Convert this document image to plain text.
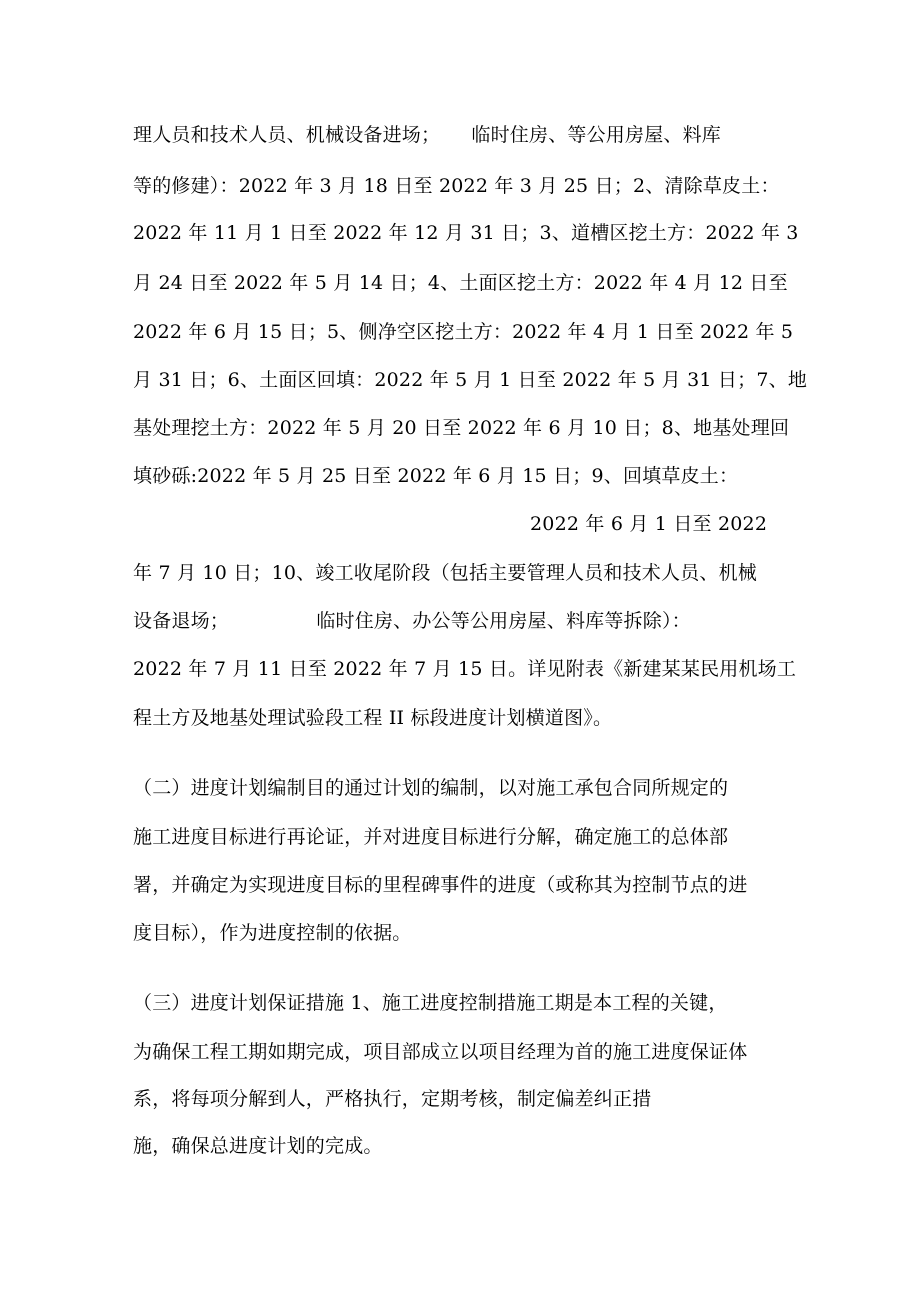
理人员和技术人员、机械设备进场；     临时住房、等公用房屋、料库
等的修建）：2022 年 3 月 18 日至 2022 年 3 月 25 日；2、清除草皮土：
2022 年 11 月 1 日至 2022 年 12 月 31 日；3、道槽区挖土方：2022 年 3
月 24 日至 2022 年 5 月 14 日；4、土面区挖土方：2022 年 4 月 12 日至
2022 年 6 月 15 日；5、侧净空区挖土方：2022 年 4 月 1 日至 2022 年 5
月 31 日；6、土面区回填：2022 年 5 月 1 日至 2022 年 5 月 31 日；7、地
基处理挖土方：2022 年 5 月 20 日至 2022 年 6 月 10 日；8、地基处理回
填砂砾:2022 年 5 月 25 日至 2022 年 6 月 15 日；9、回填草皮土：
2022 年 6 月 1 日至 2022
年 7 月 10 日；10、竣工收尾阶段（包括主要管理人员和技术人员、机械
设备退场；              临时住房、办公等公用房屋、料库等拆除）：
2022 年 7 月 11 日至 2022 年 7 月 15 日。详见附表《新建某某民用机场工
程土方及地基处理试验段工程 II 标段进度计划横道图》。
（二）进度计划编制目的通过计划的编制，以对施工承包合同所规定的
施工进度目标进行再论证，并对进度目标进行分解，确定施工的总体部
署，并确定为实现进度目标的里程碑事件的进度（或称其为控制节点的进
度目标），作为进度控制的依据。
（三）进度计划保证措施 1、施工进度控制措施工期是本工程的关键，
为确保工程工期如期完成，项目部成立以项目经理为首的施工进度保证体
系，将每项分解到人，严格执行，定期考核，制定偏差纠正措
施，确保总进度计划的完成。
